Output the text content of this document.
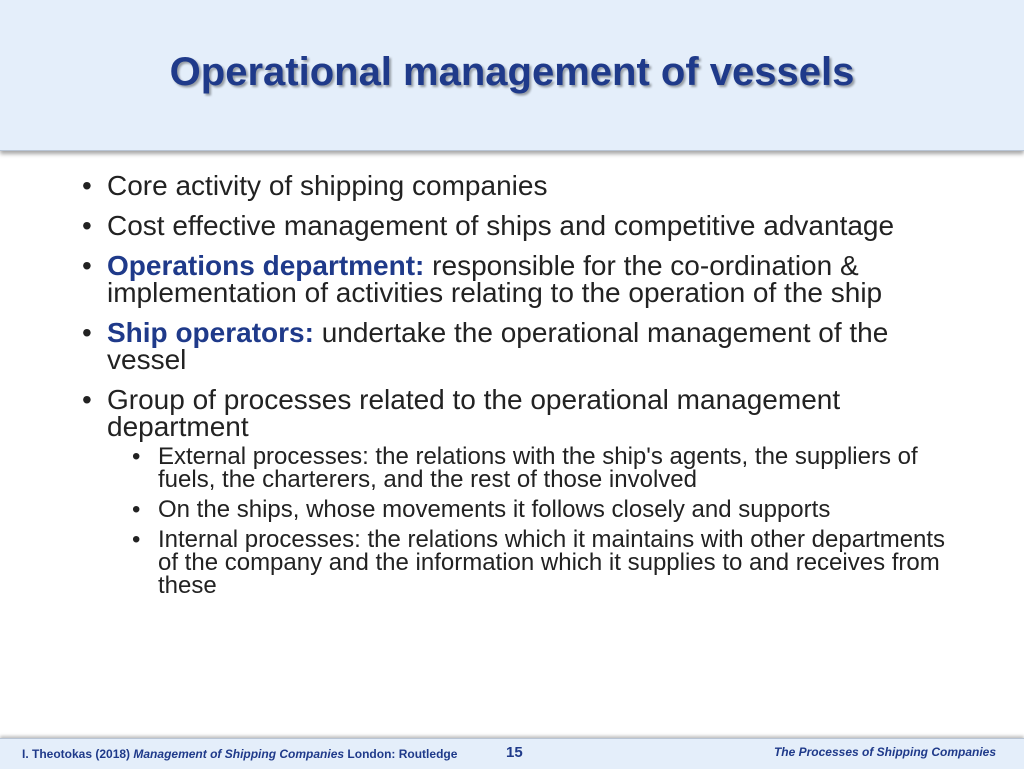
Operational management of vessels
• Core activity of shipping companies
• Cost effective management of ships and competitive advantage
• Operations department: responsible for the co-ordination & implementation of activities relating to the operation of the ship
• Ship operators: undertake the operational management of the vessel
• Group of processes related to the operational management department
• External processes: the relations with the ship's agents, the suppliers of fuels, the charterers, and the rest of those involved
• On the ships, whose movements it follows closely and supports
• Internal processes: the relations which it maintains with other departments of the company and the information which it supplies to and receives from these
I. Theotokas (2018) Management of Shipping Companies London: Routledge	15	The Processes of Shipping Companies
